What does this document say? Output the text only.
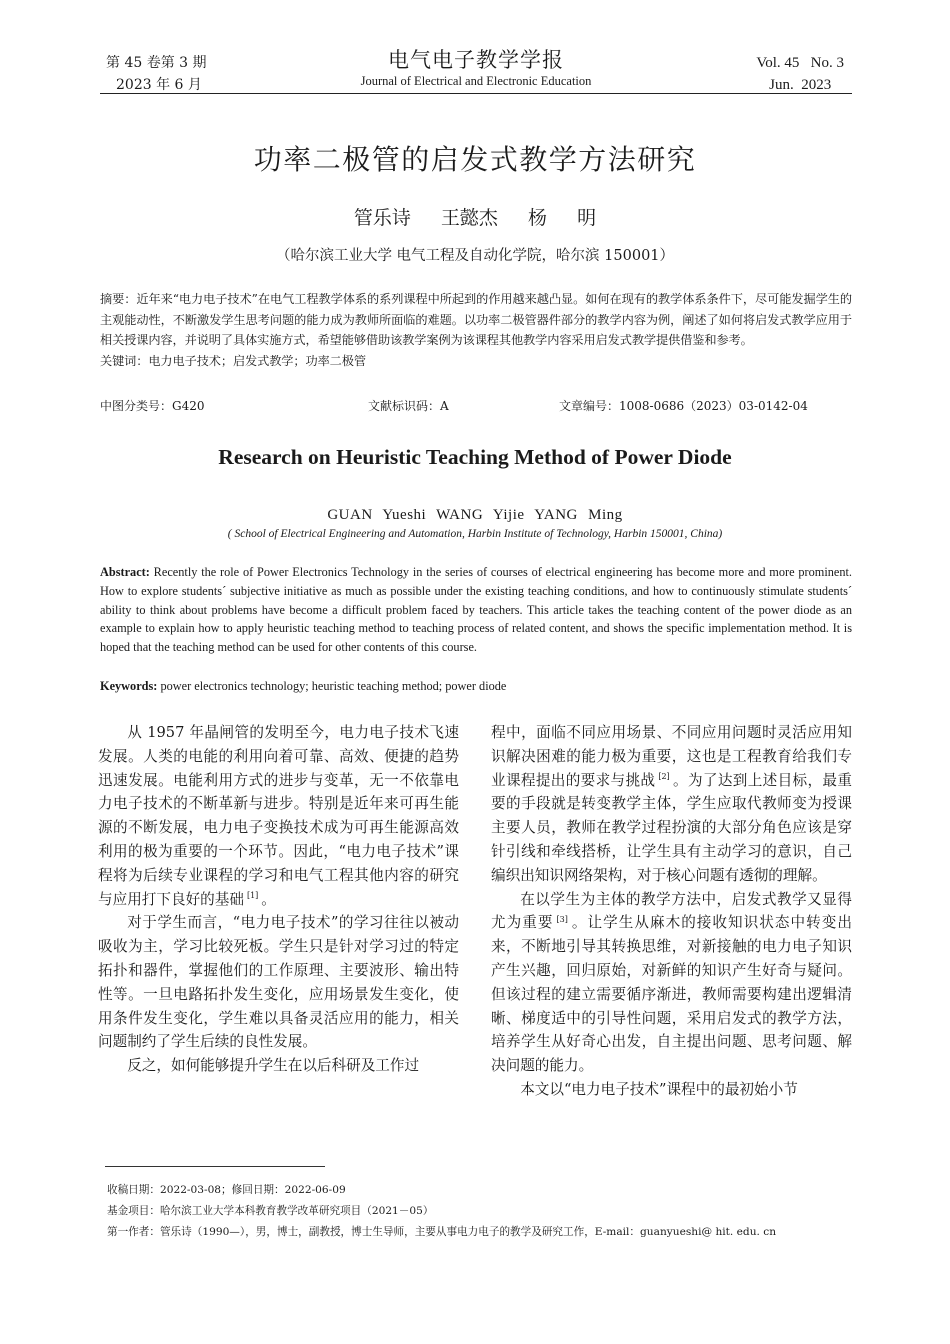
第 45 卷第 3 期
2023 年 6 月
电气电子教学学报
Journal of Electrical and Electronic Education
Vol. 45   No. 3
Jun.  2023
功率二极管的启发式教学方法研究
管乐诗   王懿杰   杨   明
（哈尔滨工业大学 电气工程及自动化学院，哈尔滨 150001）
摘要：近年来“电力电子技术”在电气工程教学体系的系列课程中所起到的作用越来越凸显。如何在现有的教学体系条件下，尽可能发掘学生的主观能动性，不断激发学生思考问题的能力成为教师所面临的难题。以功率二极管器件部分的教学内容为例，阐述了如何将启发式教学应用于相关授课内容，并说明了具体实施方式，希望能够借助该教学案例为该课程其他教学内容采用启发式教学提供借鉴和参考。
关键词：电力电子技术；启发式教学；功率二极管
中图分类号：G420	文献标识码：A	文章编号：1008-0686（2023）03-0142-04
Research on Heuristic Teaching Method of Power Diode
GUAN Yueshi WANG Yijie YANG Ming
( School of Electrical Engineering and Automation, Harbin Institute of Technology, Harbin 150001, China)
Abstract: Recently the role of Power Electronics Technology in the series of courses of electrical engineering has become more and more prominent. How to explore students´ subjective initiative as much as possible under the existing teaching conditions, and how to continuously stimulate students´ ability to think about problems have become a difficult problem faced by teachers. This article takes the teaching content of the power diode as an example to explain how to apply heuristic teaching method to teaching process of related content, and shows the specific implementation method. It is hoped that the teaching method can be used for other contents of this course.
Keywords: power electronics technology; heuristic teaching method; power diode

从 1957 年晶闸管的发明至今，电力电子技术飞速发展。人类的电能的利用向着可靠、高效、便捷的趋势迅速发展。电能利用方式的进步与变革，无一不依靠电力电子技术的不断革新与进步。特别是近年来可再生能源的不断发展，电力电子变换技术成为可再生能源高效利用的极为重要的一个环节。因此，“电力电子技术”课程将为后续专业课程的学习和电气工程其他内容的研究与应用打下良好的基础 [1] 。

对于学生而言，“电力电子技术”的学习往往以被动吸收为主，学习比较死板。学生只是针对学习过的特定拓扑和器件，掌握他们的工作原理、主要波形、输出特性等。一旦电路拓扑发生变化，应用场景发生变化，使用条件发生变化，学生难以具备灵活应用的能力，相关问题制约了学生后续的良性发展。

反之，如何能够提升学生在以后科研及工作过

程中，面临不同应用场景、不同应用问题时灵活应用知识解决困难的能力极为重要，这也是工程教育给我们专业课程提出的要求与挑战 [2] 。为了达到上述目标，最重要的手段就是转变教学主体，学生应取代教师变为授课主要人员，教师在教学过程扮演的大部分角色应该是穿针引线和牵线搭桥，让学生具有主动学习的意识，自己编织出知识网络架构，对于核心问题有透彻的理解。

在以学生为主体的教学方法中，启发式教学又显得尤为重要 [3] 。让学生从麻木的接收知识状态中转变出来，不断地引导其转换思维，对新接触的电力电子知识产生兴趣，回归原始，对新鲜的知识产生好奇与疑问。但该过程的建立需要循序渐进，教师需要构建出逻辑清晰、梯度适中的引导性问题，采用启发式的教学方法，培养学生从好奇心出发，自主提出问题、思考问题、解决问题的能力。

本文以“电力电子技术”课程中的最初始小节

收稿日期：2022-03-08；修回日期：2022-06-09
基金项目：哈尔滨工业大学本科教育教学改革研究项目（2021－05）
第一作者：管乐诗（1990—），男，博士，副教授，博士生导师，主要从事电力电子的教学及研究工作，E-mail：guanyueshi@ hit. edu. cn
